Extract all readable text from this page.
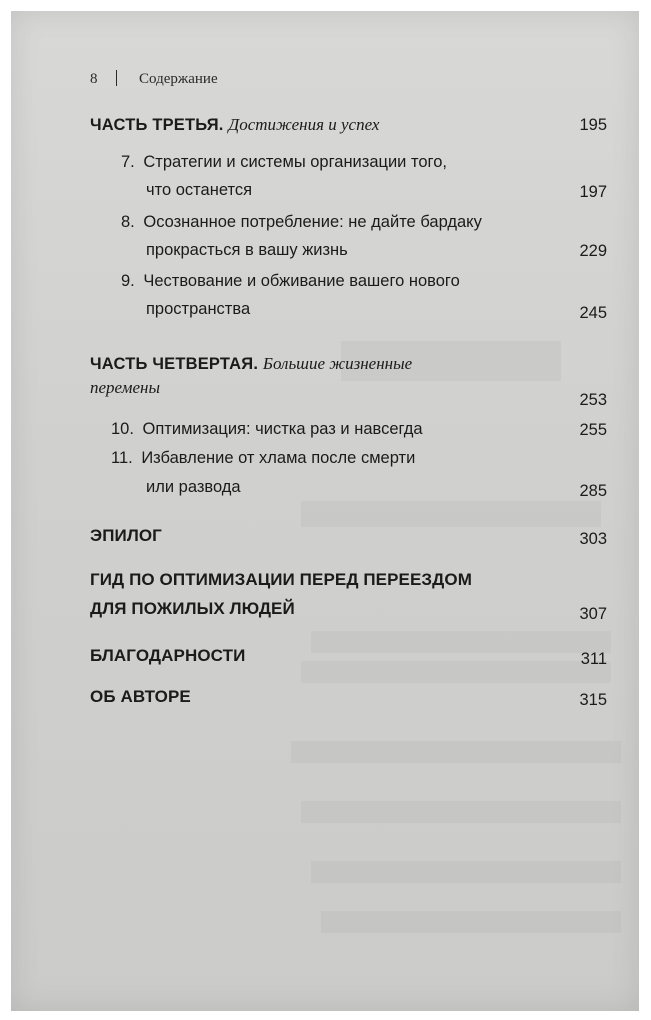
8	Содержание
ЧАСТЬ ТРЕТЬЯ. Достижения и успех	195
7. Стратегии и системы организации того,
что останется	197
8. Осознанное потребление: не дайте бардаку
прокрасться в вашу жизнь	229
9. Чествование и обживание вашего нового
пространства	245
ЧАСТЬ ЧЕТВЕРТАЯ. Большие жизненные
перемены
253
10. Оптимизация: чистка раз и навсегда	255
11. Избавление от хлама после смерти
или развода	285
ЭПИЛОГ	303
ГИД ПО ОПТИМИЗАЦИИ ПЕРЕД ПЕРЕЕЗДОМ
ДЛЯ ПОЖИЛЫХ ЛЮДЕЙ	307
БЛАГОДАРНОСТИ	311
ОБ АВТОРЕ	315
